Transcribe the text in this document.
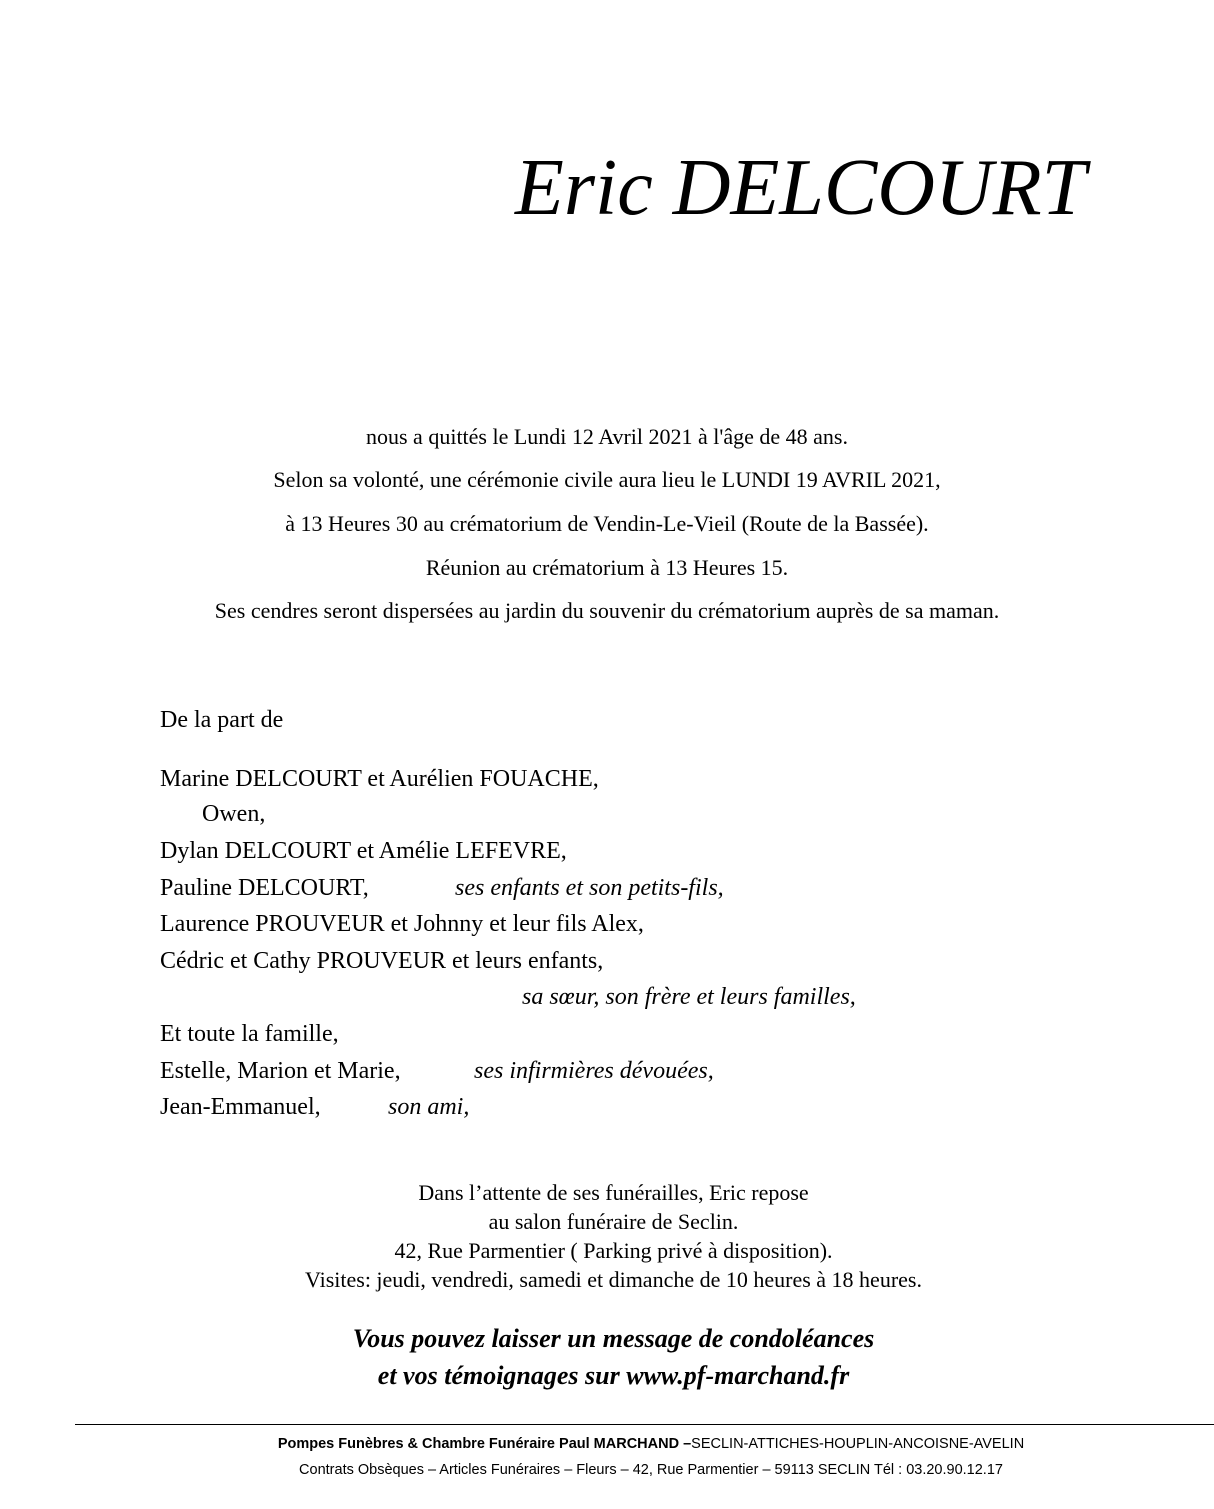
Eric DELCOURT
nous a quittés le Lundi 12 Avril 2021 à l'âge de 48 ans.
Selon sa volonté, une cérémonie civile aura lieu le LUNDI 19 AVRIL 2021,
à 13 Heures 30 au crématorium de Vendin-Le-Vieil (Route de la Bassée).
Réunion au crématorium à 13 Heures 15.
Ses cendres seront dispersées au jardin du souvenir du crématorium auprès de sa maman.
De la part de
Marine DELCOURT et Aurélien FOUACHE,
Owen,
Dylan DELCOURT et Amélie LEFEVRE,
Pauline DELCOURT,	ses enfants et son petits-fils,
Laurence PROUVEUR et Johnny et leur fils Alex,
Cédric et Cathy PROUVEUR et leurs enfants,
sa sœur, son frère et leurs familles,
Et toute la famille,
Estelle, Marion et Marie,	ses infirmières dévouées,
Jean-Emmanuel,	son ami,
Dans l’attente de ses funérailles, Eric repose
au salon funéraire de Seclin.
42, Rue Parmentier ( Parking privé à disposition).
Visites: jeudi, vendredi, samedi et dimanche de 10 heures à 18 heures.
Vous pouvez laisser un message de condoléances
et vos témoignages sur www.pf-marchand.fr
Pompes Funèbres & Chambre Funéraire Paul MARCHAND –SECLIN-ATTICHES-HOUPLIN-ANCOISNE-AVELIN
Contrats Obsèques – Articles Funéraires – Fleurs – 42, Rue Parmentier – 59113 SECLIN Tél : 03.20.90.12.17
